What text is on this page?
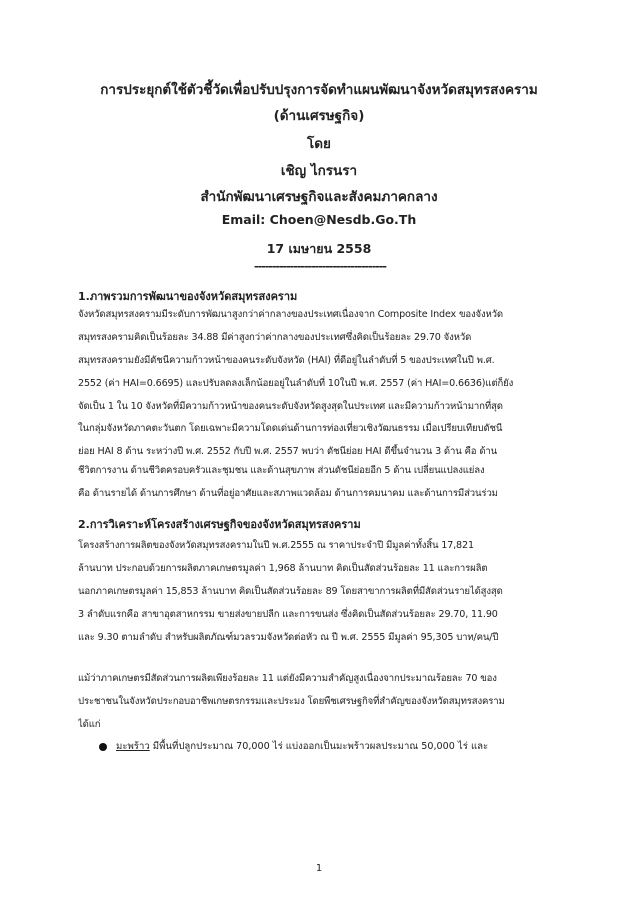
การประยุกต์ใช้ตัวชี้วัดเพื่อปรับปรุงการจัดทำแผนพัฒนาจังหวัดสมุทรสงคราม
(ด้านเศรษฐกิจ)
โดย
เชิญ ไกรนรา
สำนักพัฒนาเศรษฐกิจและสังคมภาคกลาง
Email: Choen@Nesdb.Go.Th
17 เมษายน 2558
-------------------------------------
1.ภาพรวมการพัฒนาของจังหวัดสมุทรสงคราม
จังหวัดสมุทรสงครามมีระดับการพัฒนาสูงกว่าค่ากลางของประเทศเนื่องจาก Composite Index ของจังหวัด
สมุทรสงครามคิดเป็นร้อยละ 34.88 มีค่าสูงกว่าค่ากลางของประเทศซึ่งคิดเป็นร้อยละ 29.70 จังหวัด
สมุทรสงครามยังมีดัชนีความก้าวหน้าของคนระดับจังหวัด (HAI) ที่ดีอยู่ในลำดับที่ 5 ของประเทศในปี พ.ศ.
2552 (ค่า HAI=0.6695) และปรับลดลงเล็กน้อยอยู่ในลำดับที่ 10ในปี พ.ศ. 2557 (ค่า HAI=0.6636)แต่ก็ยัง
จัดเป็น 1 ใน 10 จังหวัดที่มีความก้าวหน้าของคนระดับจังหวัดสูงสุดในประเทศ และมีความก้าวหน้ามากที่สุด
ในกลุ่มจังหวัดภาคตะวันตก โดยเฉพาะมีความโดดเด่นด้านการท่องเที่ยวเชิงวัฒนธรรม เมื่อเปรียบเทียบดัชนี
ย่อย HAI 8 ด้าน ระหว่างปี พ.ศ. 2552 กับปี พ.ศ. 2557 พบว่า ดัชนีย่อย HAI ดีขึ้นจำนวน 3 ด้าน คือ ด้าน
ชีวิตการงาน ด้านชีวิตครอบครัวและชุมชน และด้านสุขภาพ ส่วนดัชนีย่อยอีก 5 ด้าน เปลี่ยนแปลงแย่ลง
คือ ด้านรายได้ ด้านการศึกษา ด้านที่อยู่อาศัยและสภาพแวดล้อม ด้านการคมนาคม และด้านการมีส่วนร่วม
2.การวิเคราะห์โครงสร้างเศรษฐกิจของจังหวัดสมุทรสงคราม
โครงสร้างการผลิตของจังหวัดสมุทรสงครามในปี พ.ศ.2555 ณ ราคาประจำปี มีมูลค่าทั้งสิ้น 17,821
ล้านบาท ประกอบด้วยการผลิตภาคเกษตรมูลค่า 1,968 ล้านบาท คิดเป็นสัดส่วนร้อยละ 11 และการผลิต
นอกภาคเกษตรมูลค่า 15,853 ล้านบาท คิดเป็นสัดส่วนร้อยละ 89 โดยสาขาการผลิตที่มีสัดส่วนรายได้สูงสุด
3 ลำดับแรกคือ สาขาอุตสาหกรรม ขายส่งขายปลีก และการขนส่ง ซึ่งคิดเป็นสัดส่วนร้อยละ 29.70, 11.90
และ 9.30 ตามลำดับ สำหรับผลิตภัณฑ์มวลรวมจังหวัดต่อหัว ณ ปี พ.ศ. 2555 มีมูลค่า 95,305 บาท/คน/ปี
แม้ว่าภาคเกษตรมีสัดส่วนการผลิตเพียงร้อยละ 11 แต่ยังมีความสำคัญสูงเนื่องจากประมาณร้อยละ 70 ของ
ประชาชนในจังหวัดประกอบอาชีพเกษตรกรรมและประมง โดยพืชเศรษฐกิจที่สำคัญของจังหวัดสมุทรสงคราม
ได้แก่
มะพร้าว มีพื้นที่ปลูกประมาณ 70,000 ไร่ แบ่งออกเป็นมะพร้าวผลประมาณ 50,000 ไร่ และ
1
